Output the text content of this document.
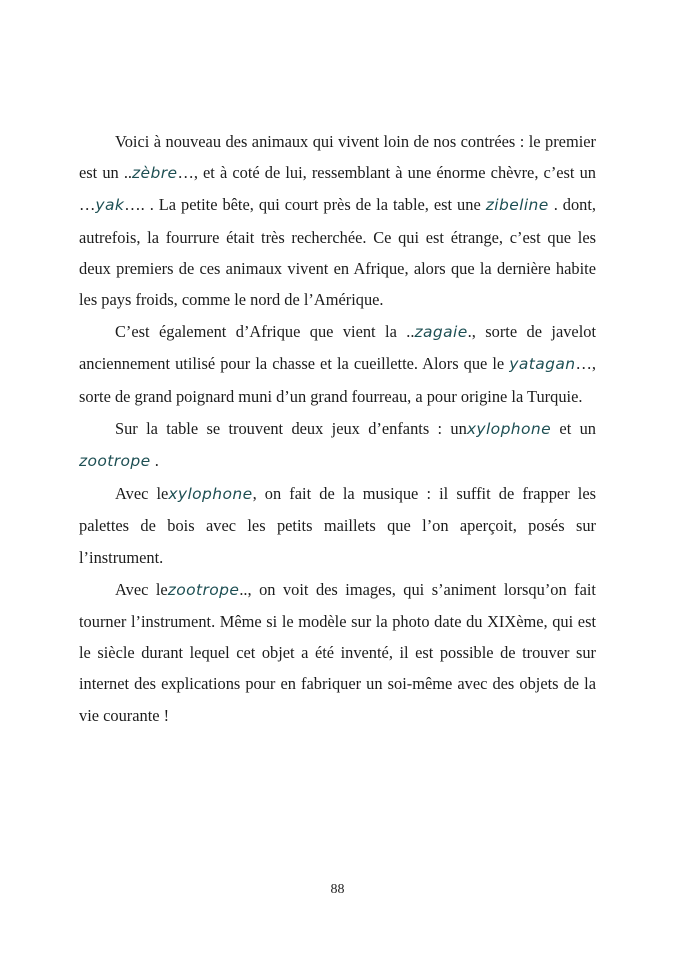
Voici à nouveau des animaux qui vivent loin de nos contrées : le premier est un ..zèbre…, et à coté de lui, ressemblant à une énorme chèvre, c’est un …yak…. . La petite bête, qui court près de la table, est une zibeline . dont, autrefois, la fourrure était très recherchée. Ce qui est étrange, c’est que les deux premiers de ces animaux vivent en Afrique, alors que la dernière habite les pays froids, comme le nord de l’Amérique.

C’est également d’Afrique que vient la ..zagaie., sorte de javelot anciennement utilisé pour la chasse et la cueillette. Alors que le yatagan…, sorte de grand poignard muni d’un grand fourreau, a pour origine la Turquie.

Sur la table se trouvent deux jeux d’enfants : unxylophone et un zootrope .

Avec lexylophone, on fait de la musique : il suffit de frapper les palettes de bois avec les petits maillets que l’on aperçoit, posés sur l’instrument.

Avec lezootrope.., on voit des images, qui s’animent lorsqu’on fait tourner l’instrument. Même si le modèle sur la photo date du XIXème, qui est le siècle durant lequel cet objet a été inventé, il est possible de trouver sur internet des explications pour en fabriquer un soi-même avec des objets de la vie courante !

88
